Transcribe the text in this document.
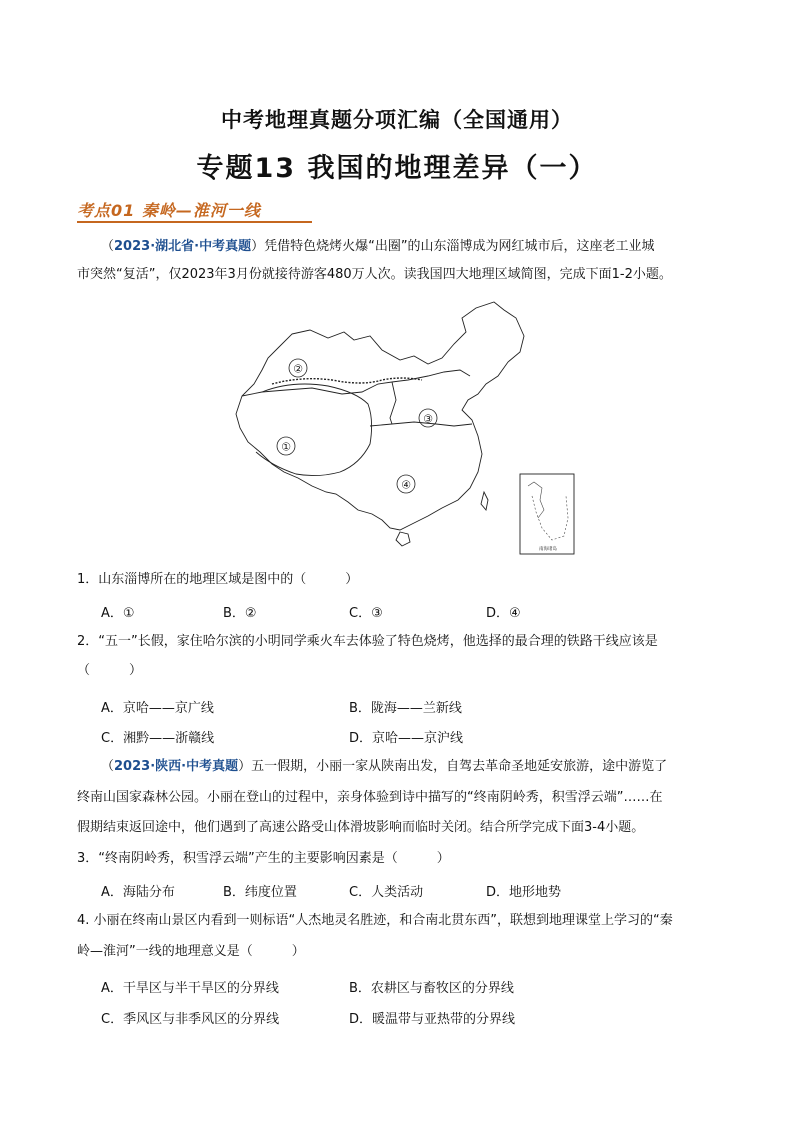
中考地理真题分项汇编（全国通用）
专题13 我国的地理差异（一）
考点01 秦岭—淮河一线
（2023·湖北省·中考真题）凭借特色烧烤火爆“出圈”的山东淄博成为网红城市后，这座老工业城
市突然“复活”，仅2023年3月份就接待游客480万人次。读我国四大地理区域简图，完成下面1-2小题。
①
②
③
④
南海诸岛
1．山东淄博所在的地理区域是图中的（　　　）
A．①	B．②	C．③	D．④
2．“五一”长假，家住哈尔滨的小明同学乘火车去体验了特色烧烤，他选择的最合理的铁路干线应该是
（　　　）
A．京哈——京广线	B．陇海——兰新线
C．湘黔——浙赣线	D．京哈——京沪线
（2023·陕西·中考真题）五一假期，小丽一家从陕南出发，自驾去革命圣地延安旅游，途中游览了
终南山国家森林公园。小丽在登山的过程中，亲身体验到诗中描写的“终南阴岭秀，积雪浮云端”……在
假期结束返回途中，他们遇到了高速公路受山体滑坡影响而临时关闭。结合所学完成下面3-4小题。
3．“终南阴岭秀，积雪浮云端”产生的主要影响因素是（　　　）
A．海陆分布	B．纬度位置	C．人类活动	D．地形地势
4. 小丽在终南山景区内看到一则标语“人杰地灵名胜迹，和合南北贯东西”，联想到地理课堂上学习的“秦
岭—淮河”一线的地理意义是（　　　）
A．干旱区与半干旱区的分界线	B．农耕区与畜牧区的分界线
C．季风区与非季风区的分界线	D．暖温带与亚热带的分界线
